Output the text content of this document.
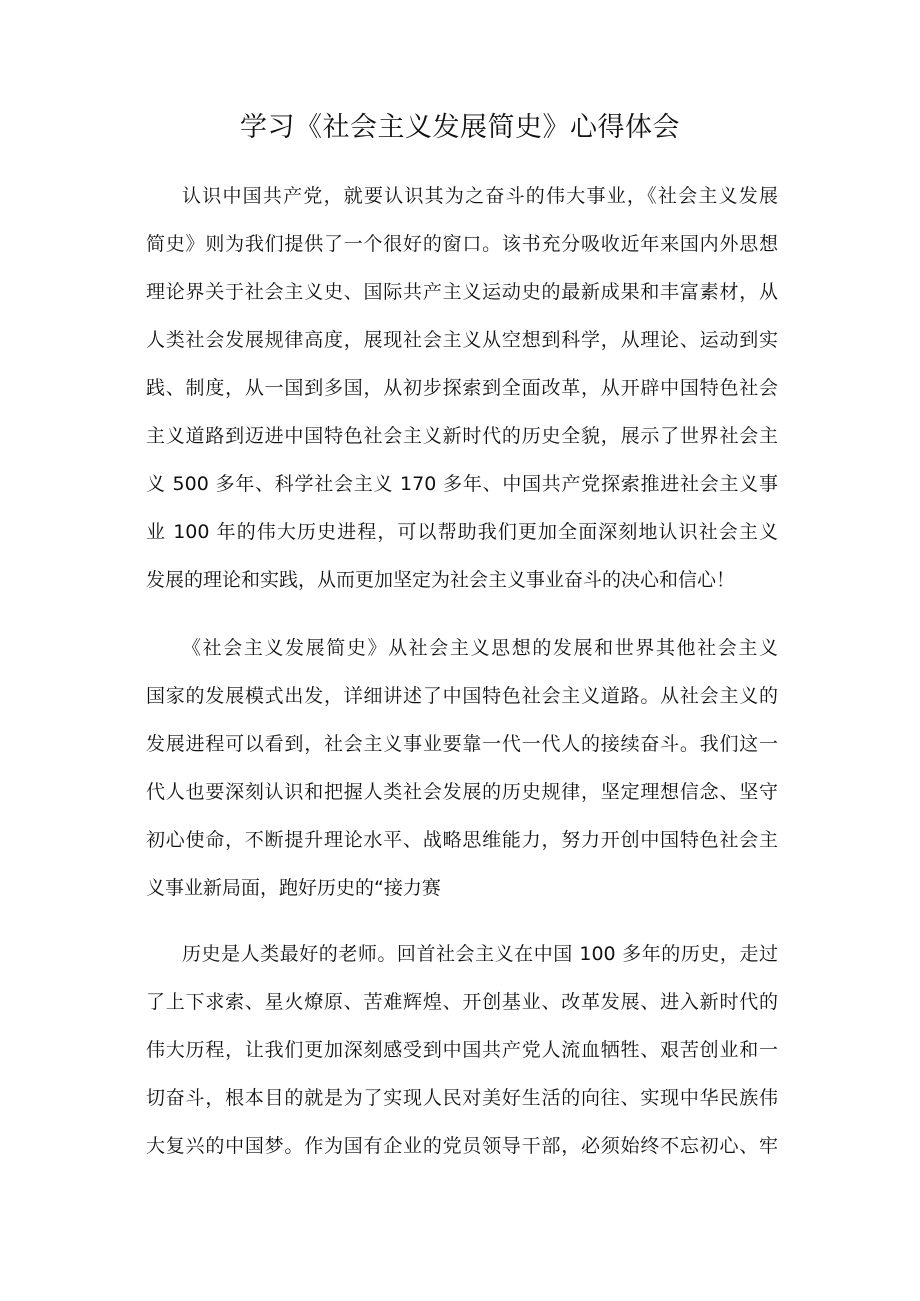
学习《社会主义发展简史》心得体会
认识中国共产党，就要认识其为之奋斗的伟大事业，《社会主义发展
简史》则为我们提供了一个很好的窗口。该书充分吸收近年来国内外思想
理论界关于社会主义史、国际共产主义运动史的最新成果和丰富素材，从
人类社会发展规律高度，展现社会主义从空想到科学，从理论、运动到实
践、制度，从一国到多国，从初步探索到全面改革，从开辟中国特色社会
主义道路到迈进中国特色社会主义新时代的历史全貌，展示了世界社会主
义 500 多年、科学社会主义 170 多年、中国共产党探索推进社会主义事
业 100 年的伟大历史进程，可以帮助我们更加全面深刻地认识社会主义
发展的理论和实践，从而更加坚定为社会主义事业奋斗的决心和信心！
《社会主义发展简史》从社会主义思想的发展和世界其他社会主义
国家的发展模式出发，详细讲述了中国特色社会主义道路。从社会主义的
发展进程可以看到，社会主义事业要靠一代一代人的接续奋斗。我们这一
代人也要深刻认识和把握人类社会发展的历史规律，坚定理想信念、坚守
初心使命，不断提升理论水平、战略思维能力，努力开创中国特色社会主
义事业新局面，跑好历史的“接力赛
历史是人类最好的老师。回首社会主义在中国 100 多年的历史，走过
了上下求索、星火燎原、苦难辉煌、开创基业、改革发展、进入新时代的
伟大历程，让我们更加深刻感受到中国共产党人流血牺牲、艰苦创业和一
切奋斗，根本目的就是为了实现人民对美好生活的向往、实现中华民族伟
大复兴的中国梦。作为国有企业的党员领导干部，必须始终不忘初心、牢
